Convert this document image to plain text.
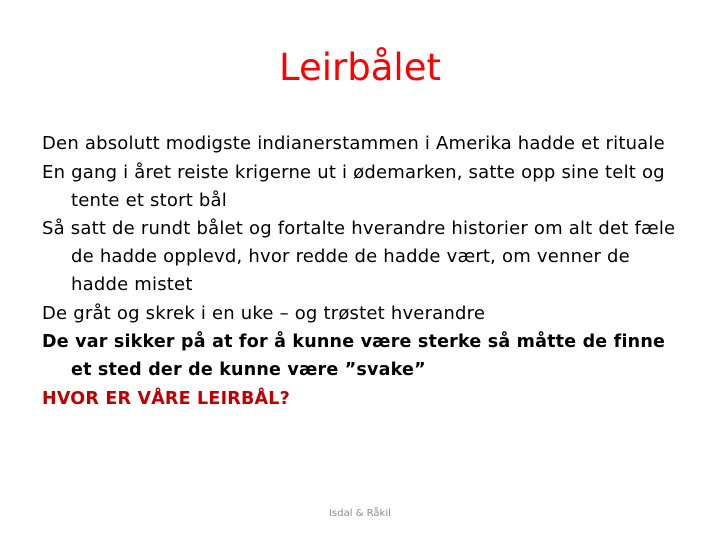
Leirbålet

Den absolutt modigste indianerstammen i Amerika hadde et rituale

En gang i året reiste krigerne ut i ødemarken, satte opp sine telt og tente et stort bål

Så satt de rundt bålet og fortalte hverandre historier om alt det fæle de hadde opplevd, hvor redde de hadde vært, om venner de hadde mistet

De gråt og skrek i en uke – og trøstet hverandre

De var sikker på at for å kunne være sterke så måtte de finne et sted der de kunne være ”svake”

HVOR ER VÅRE LEIRBÅL?

Isdal & Råkil
